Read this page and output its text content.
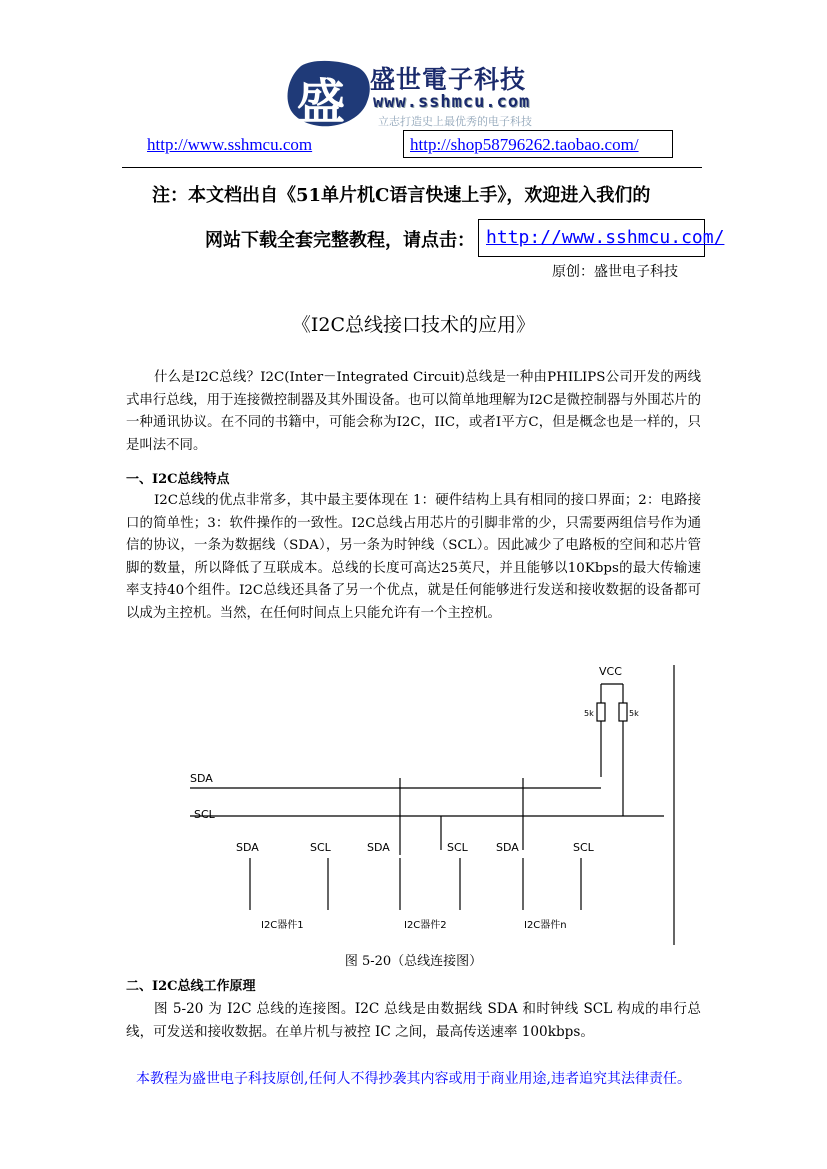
盛 盛世電子科技
www.sshmcu.com
立志打造史上最优秀的电子科技
http://www.sshmcu.com	http://shop58796262.taobao.com/
注：本文档出自《51单片机C语言快速上手》，欢迎进入我们的
网站下载全套完整教程，请点击： http://www.sshmcu.com/
原创：盛世电子科技
《I2C总线接口技术的应用》
什么是I2C总线？I2C(Inter－Integrated Circuit)总线是一种由PHILIPS公司开发的两线式串行总线，用于连接微控制器及其外围设备。也可以简单地理解为I2C是微控制器与外围芯片的一种通讯协议。在不同的书籍中，可能会称为I2C，IIC，或者I平方C，但是概念也是一样的，只是叫法不同。
一、I2C总线特点
I2C总线的优点非常多，其中最主要体现在 1：硬件结构上具有相同的接口界面；2：电路接口的简单性；3：软件操作的一致性。I2C总线占用芯片的引脚非常的少，只需要两组信号作为通信的协议，一条为数据线（SDA），另一条为时钟线（SCL）。因此减少了电路板的空间和芯片管脚的数量，所以降低了互联成本。总线的长度可高达25英尺，并且能够以10Kbps的最大传输速率支持40个组件。I2C总线还具备了另一个优点，就是任何能够进行发送和接收数据的设备都可以成为主控机。当然，在任何时间点上只能允许有一个主控机。
VCC
5k	5k
SDA
SCL
SDA	SCL	SDA	SCL	SDA	SCL
I2C器件1	I2C器件2	I2C器件n
图 5-20（总线连接图）
二、I2C总线工作原理
图 5-20 为 I2C 总线的连接图。I2C 总线是由数据线 SDA 和时钟线 SCL 构成的串行总线，可发送和接收数据。在单片机与被控 IC 之间，最高传送速率 100kbps。
本教程为盛世电子科技原创,任何人不得抄袭其内容或用于商业用途,违者追究其法律责任。
